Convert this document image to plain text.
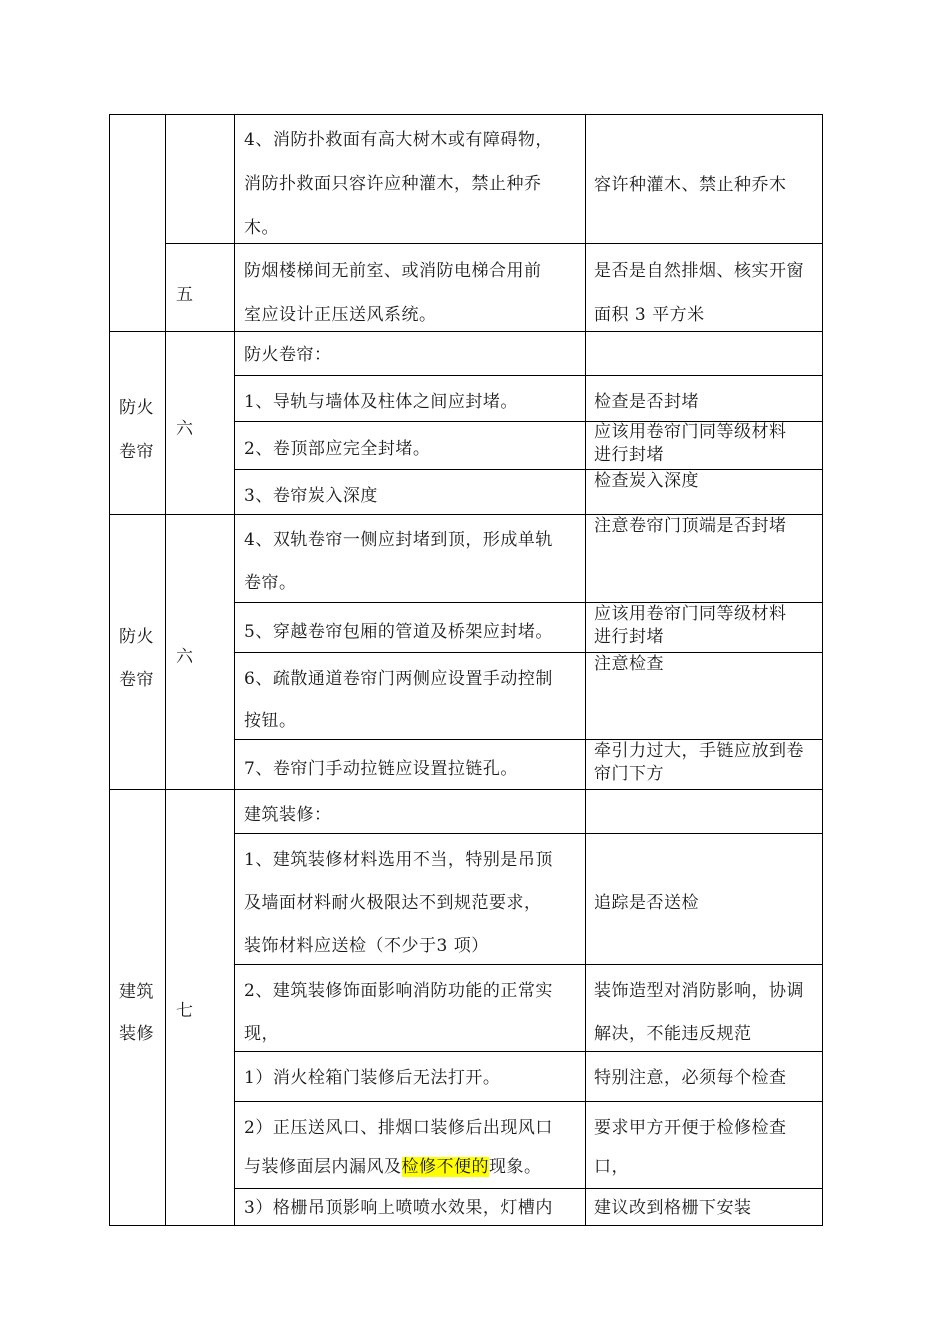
4、消防扑救面有高大树木或有障碍物，
消防扑救面只容许应种灌木，禁止种乔
木。
容许种灌木、禁止种乔木
五
防烟楼梯间无前室、或消防电梯合用前
室应设计正压送风系统。
是否是自然排烟、核实开窗
面积 3 平方米
防火
卷帘
六
防火卷帘：
1、导轨与墙体及柱体之间应封堵。	检查是否封堵
2、卷顶部应完全封堵。
应该用卷帘门同等级材料
进行封堵
3、卷帘炭入深度
检查炭入深度
防火
卷帘
六
4、双轨卷帘一侧应封堵到顶，形成单轨
卷帘。
注意卷帘门顶端是否封堵
5、穿越卷帘包厢的管道及桥架应封堵。
应该用卷帘门同等级材料
进行封堵
6、疏散通道卷帘门两侧应设置手动控制
按钮。
注意检查
7、卷帘门手动拉链应设置拉链孔。
牵引力过大，手链应放到卷
帘门下方
建筑
装修
七
建筑装修：
1、建筑装修材料选用不当，特别是吊顶
及墙面材料耐火极限达不到规范要求，
装饰材料应送检（不少于3 项）
追踪是否送检
2、建筑装修饰面影响消防功能的正常实
现，
装饰造型对消防影响，协调
解决，不能违反规范
1）消火栓箱门装修后无法打开。	特别注意，必须每个检查
2）正压送风口、排烟口装修后出现风口
与装修面层内漏风及检修不便的现象。
要求甲方开便于检修检查
口，
3）格栅吊顶影响上喷喷水效果，灯槽内 建议改到格栅下安装
